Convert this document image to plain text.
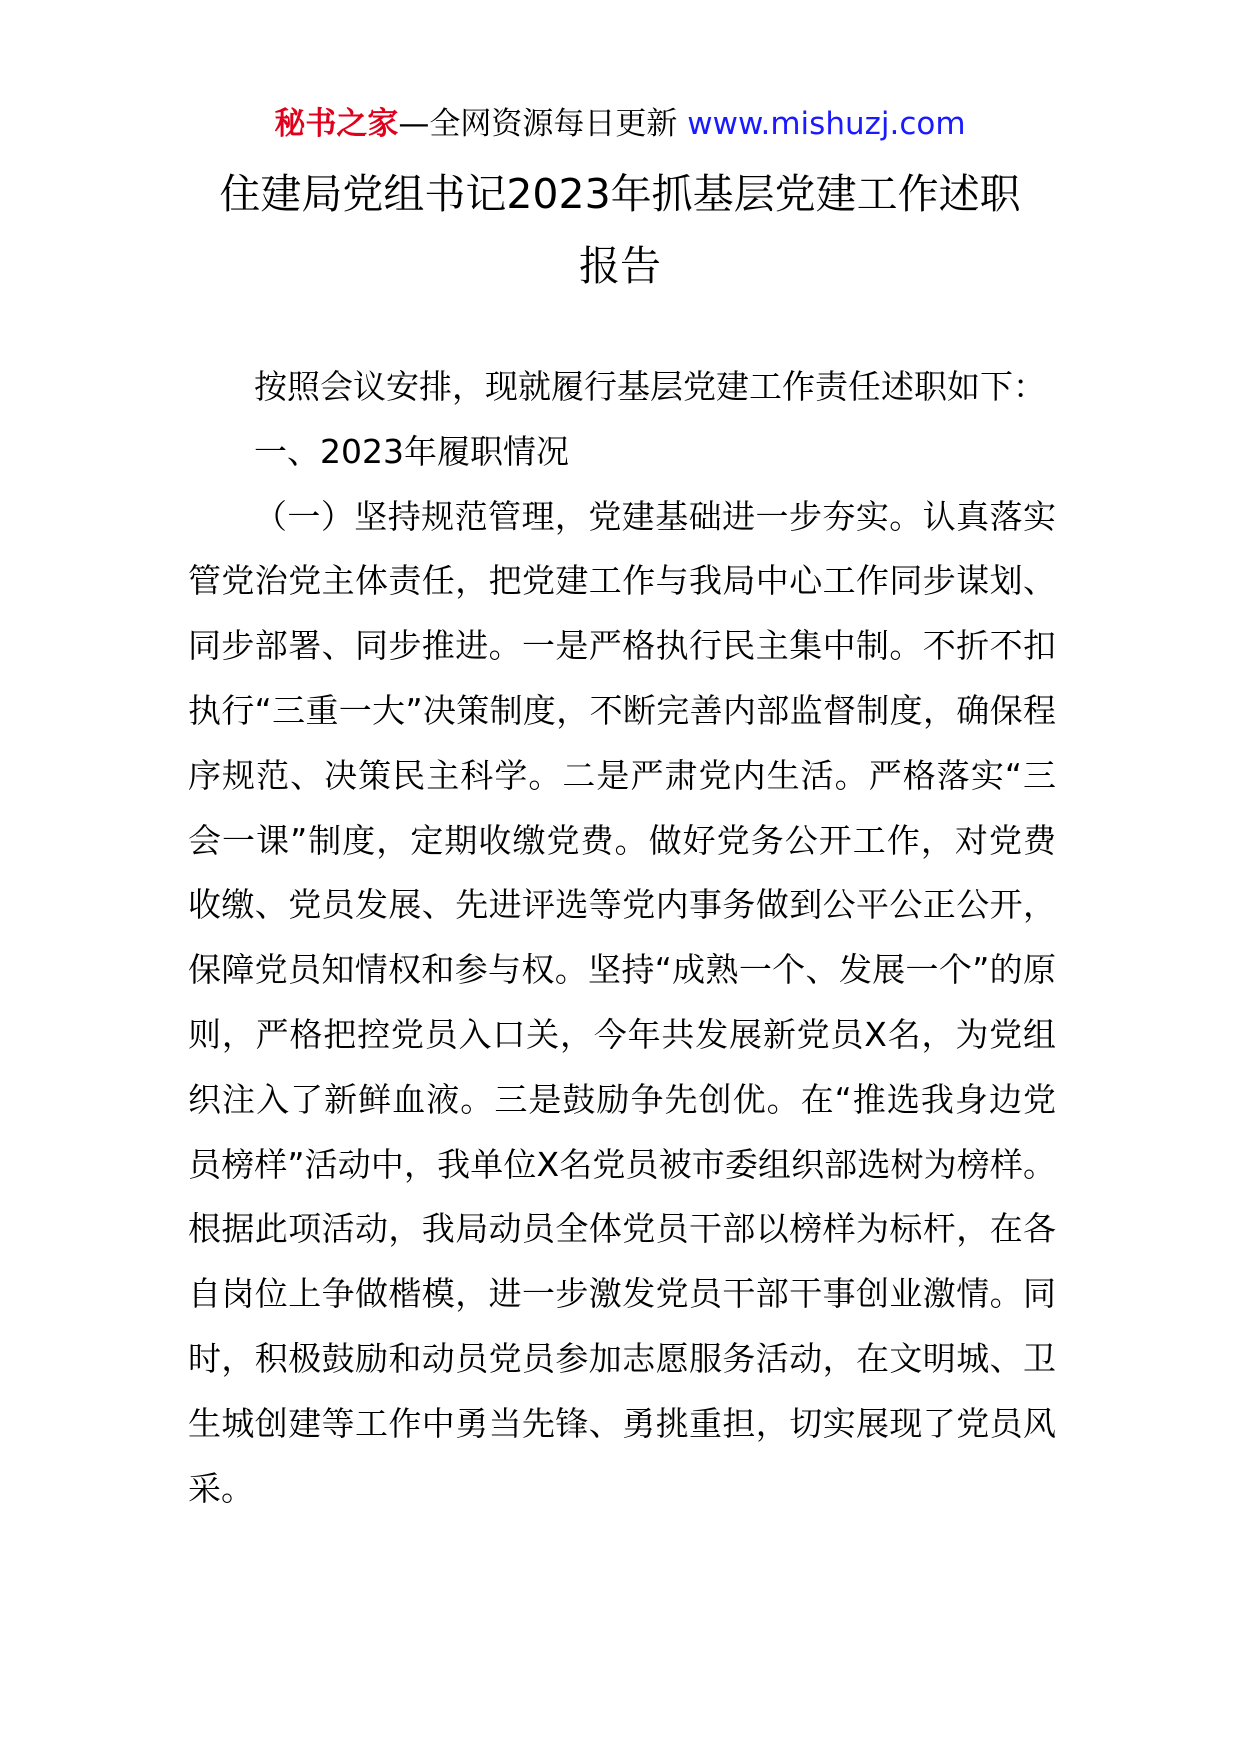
秘书之家—全网资源每日更新 www.mishuzj.com
住建局党组书记2023年抓基层党建工作述职
报告

按照会议安排，现就履行基层党建工作责任述职如下：

一、2023年履职情况

（一）坚持规范管理，党建基础进一步夯实。认真落实管党治党主体责任，把党建工作与我局中心工作同步谋划、同步部署、同步推进。一是严格执行民主集中制。不折不扣执行“三重一大”决策制度，不断完善内部监督制度，确保程序规范、决策民主科学。二是严肃党内生活。严格落实“三会一课”制度，定期收缴党费。做好党务公开工作，对党费收缴、党员发展、先进评选等党内事务做到公平公正公开，保障党员知情权和参与权。坚持“成熟一个、发展一个”的原则，严格把控党员入口关，今年共发展新党员X名，为党组织注入了新鲜血液。三是鼓励争先创优。在“推选我身边党员榜样”活动中，我单位X名党员被市委组织部选树为榜样。根据此项活动，我局动员全体党员干部以榜样为标杆，在各自岗位上争做楷模，进一步激发党员干部干事创业激情。同时，积极鼓励和动员党员参加志愿服务活动，在文明城、卫生城创建等工作中勇当先锋、勇挑重担，切实展现了党员风采。
